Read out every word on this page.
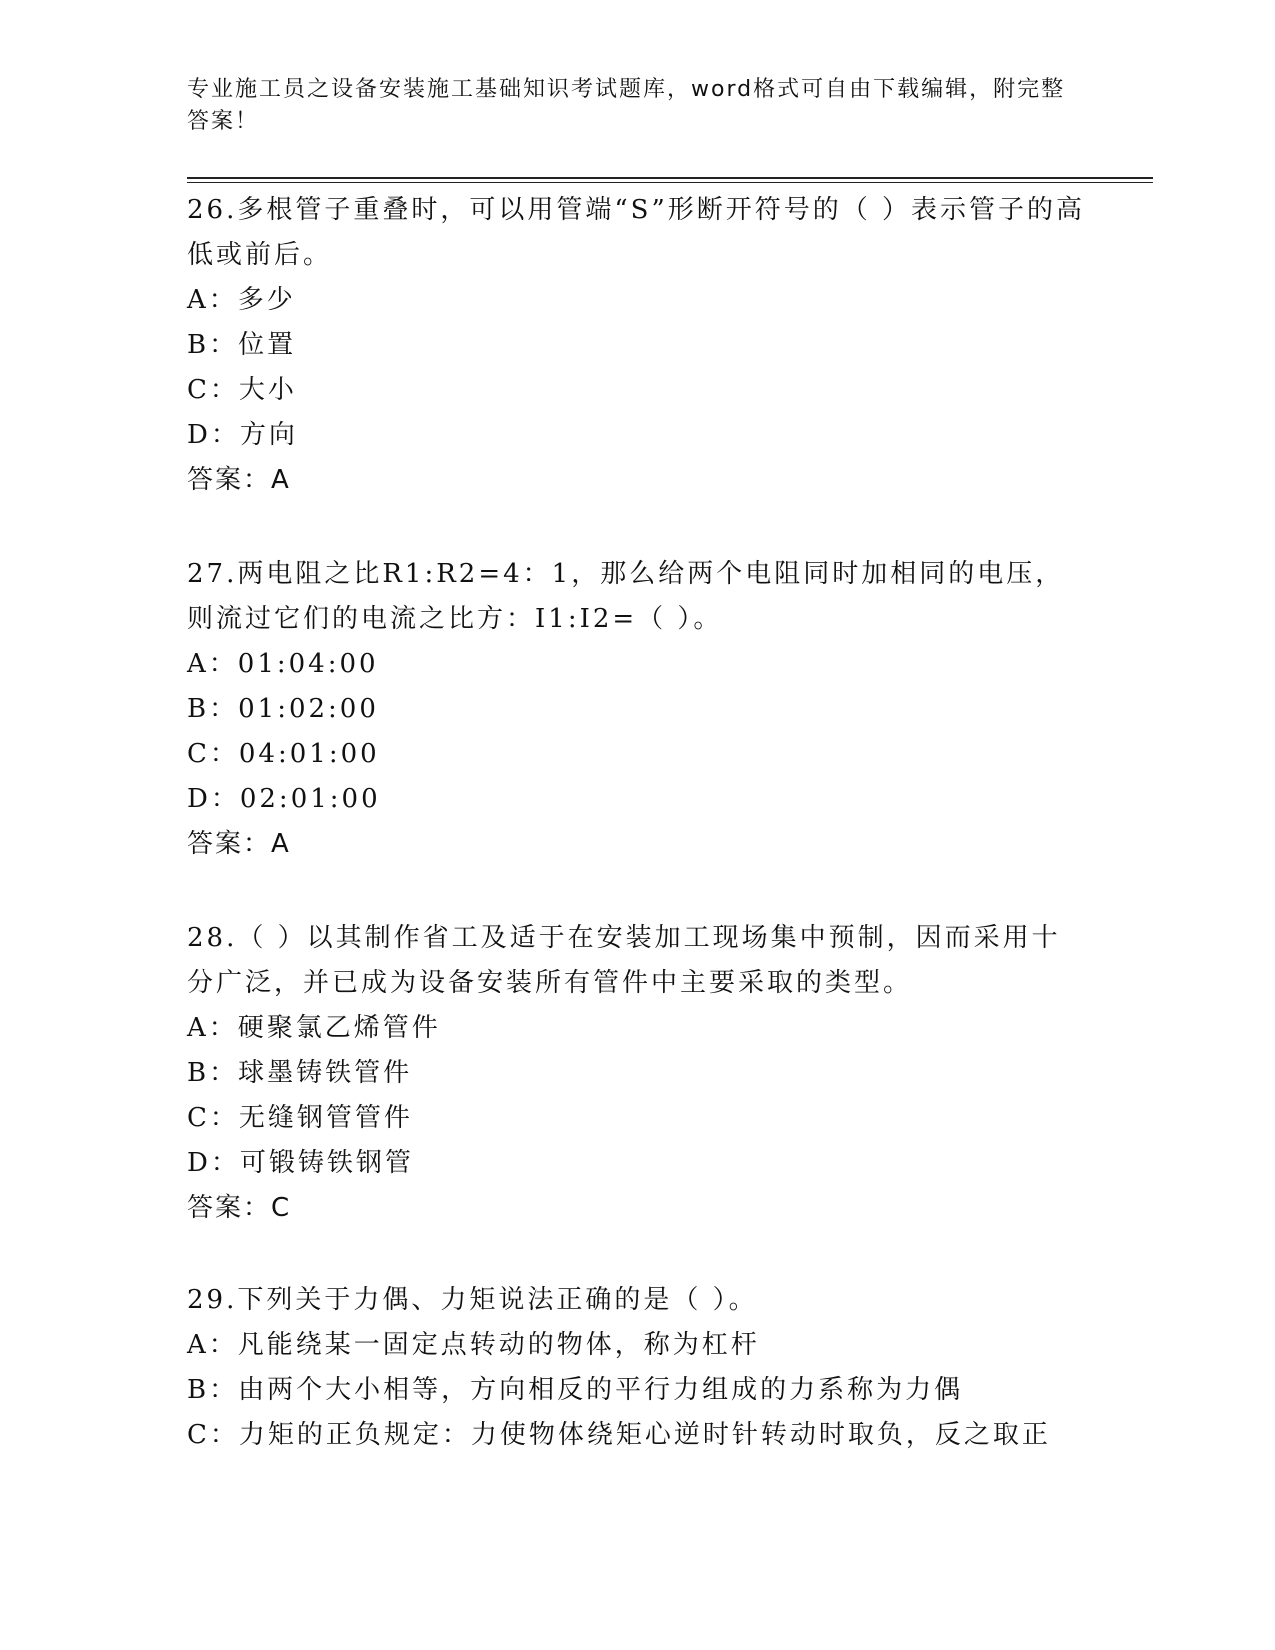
专业施工员之设备安装施工基础知识考试题库，word格式可自由下载编辑，附完整答案！

26.多根管子重叠时，可以用管端“S”形断开符号的（ ）表示管子的高低或前后。

A：多少

B：位置

C：大小

D：方向

答案：A

27.两电阻之比R1:R2=4：1，那么给两个电阻同时加相同的电压，则流过它们的电流之比方：I1:I2=（ ）。

A：01:04:00

B：01:02:00

C：04:01:00

D：02:01:00

答案：A

28.（ ）以其制作省工及适于在安装加工现场集中预制，因而采用十分广泛，并已成为设备安装所有管件中主要采取的类型。

A：硬聚氯乙烯管件

B：球墨铸铁管件

C：无缝钢管管件

D：可锻铸铁钢管

答案：C

29.下列关于力偶、力矩说法正确的是（ ）。

A：凡能绕某一固定点转动的物体，称为杠杆

B：由两个大小相等，方向相反的平行力组成的力系称为力偶

C：力矩的正负规定：力使物体绕矩心逆时针转动时取负，反之取正
